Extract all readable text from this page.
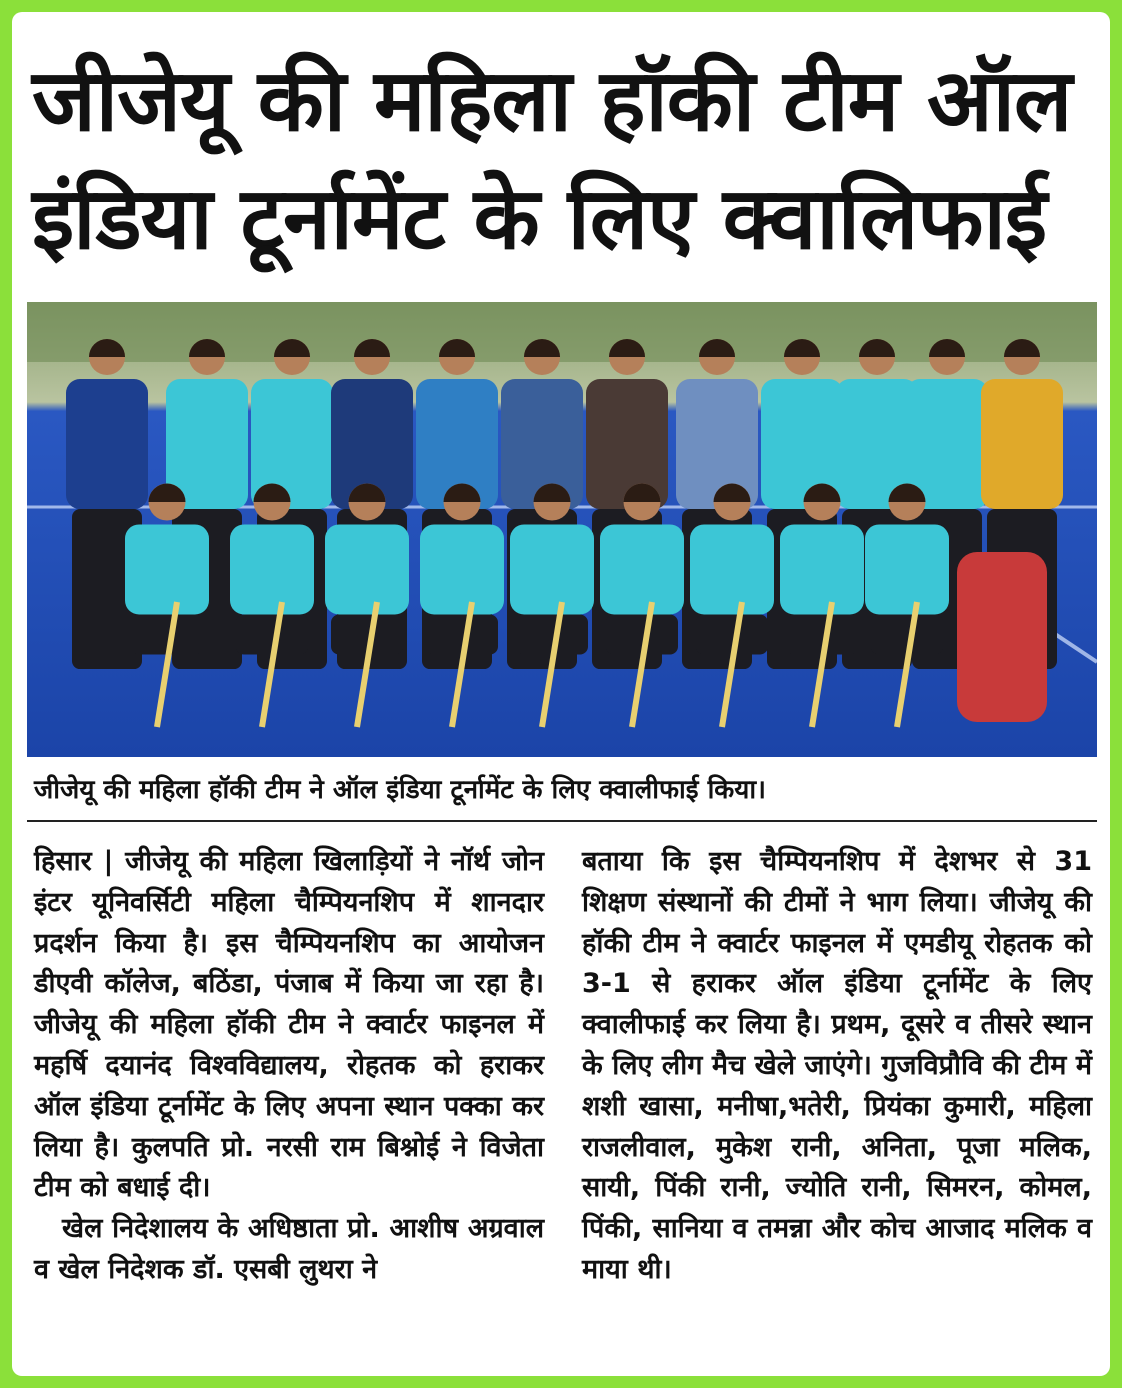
जीजेयू की महिला हॉकी टीम ऑल
इंडिया टूर्नामेंट के लिए क्वालिफाई
जीजेयू की महिला हॉकी टीम ने ऑल इंडिया टूर्नामेंट के लिए क्वालीफाई किया।

हिसार | जीजेयू की महिला खिलाड़ियों ने नॉर्थ जोन इंटर यूनिवर्सिटी महिला चैम्पियनशिप में शानदार प्रदर्शन किया है। इस चैम्पियनशिप का आयोजन डीएवी कॉलेज, बठिंडा, पंजाब में किया जा रहा है। जीजेयू की महिला हॉकी टीम ने क्वार्टर फाइनल में महर्षि दयानंद विश्वविद्यालय, रोहतक को हराकर ऑल इंडिया टूर्नामेंट के लिए अपना स्थान पक्का कर लिया है। कुलपति प्रो. नरसी राम बिश्नोई ने विजेता टीम को बधाई दी।

खेल निदेशालय के अधिष्ठाता प्रो. आशीष अग्रवाल व खेल निदेशक डॉ. एसबी लुथरा ने

बताया कि इस चैम्पियनशिप में देशभर से 31 शिक्षण संस्थानों की टीमों ने भाग लिया। जीजेयू की हॉकी टीम ने क्वार्टर फाइनल में एमडीयू रोहतक को 3-1 से हराकर ऑल इंडिया टूर्नामेंट के लिए क्वालीफाई कर लिया है। प्रथम, दूसरे व तीसरे स्थान के लिए लीग मैच खेले जाएंगे। गुजविप्रौवि की टीम में शशी खासा, मनीषा,भतेरी, प्रियंका कुमारी, महिला राजलीवाल, मुकेश रानी, अनिता, पूजा मलिक, सायी, पिंकी रानी, ज्योति रानी, सिमरन, कोमल, पिंकी, सानिया व तमन्ना और कोच आजाद मलिक व माया थी।
